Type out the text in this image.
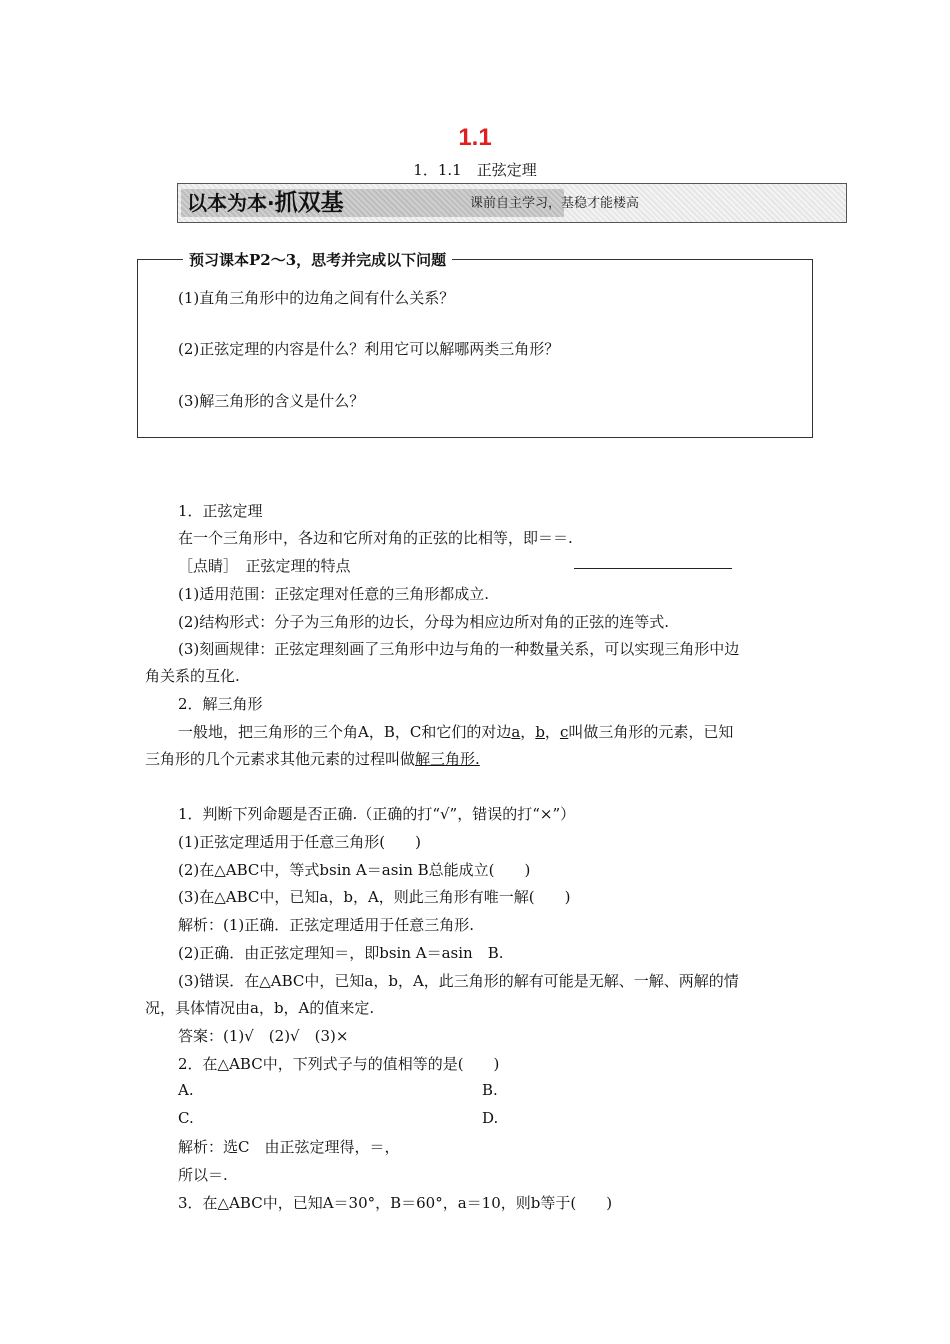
1.1
1．1.1　正弦定理
以本为本·抓双基	课前自主学习，基稳才能楼高
预习课本P2～3，思考并完成以下问题
(1)直角三角形中的边角之间有什么关系？
(2)正弦定理的内容是什么？利用它可以解哪两类三角形？
(3)解三角形的含义是什么？
1．正弦定理
在一个三角形中，各边和它所对角的正弦的比相等，即＝＝.
［点睛］　正弦定理的特点
(1)适用范围：正弦定理对任意的三角形都成立.
(2)结构形式：分子为三角形的边长，分母为相应边所对角的正弦的连等式.
(3)刻画规律：正弦定理刻画了三角形中边与角的一种数量关系，可以实现三角形中边
角关系的互化.
2．解三角形
一般地，把三角形的三个角A，B，C和它们的对边a，b，c叫做三角形的元素，已知
三角形的几个元素求其他元素的过程叫做解三角形.
1．判断下列命题是否正确.（正确的打“√”，错误的打“×”）
(1)正弦定理适用于任意三角形(　　)
(2)在△ABC中，等式bsin A＝asin B总能成立(　　)
(3)在△ABC中，已知a，b，A，则此三角形有唯一解(　　)
解析：(1)正确．正弦定理适用于任意三角形.
(2)正确．由正弦定理知＝，即bsin A＝asin　B.
(3)错误．在△ABC中，已知a，b，A，此三角形的解有可能是无解、一解、两解的情
况，具体情况由a，b，A的值来定.
答案：(1)√　(2)√　(3)×
2．在△ABC中，下列式子与的值相等的是(　　)
A.	B.
C.	D.
解析：选C　由正弦定理得，＝，
所以＝.
3．在△ABC中，已知A＝30°，B＝60°，a＝10，则b等于(　　)
